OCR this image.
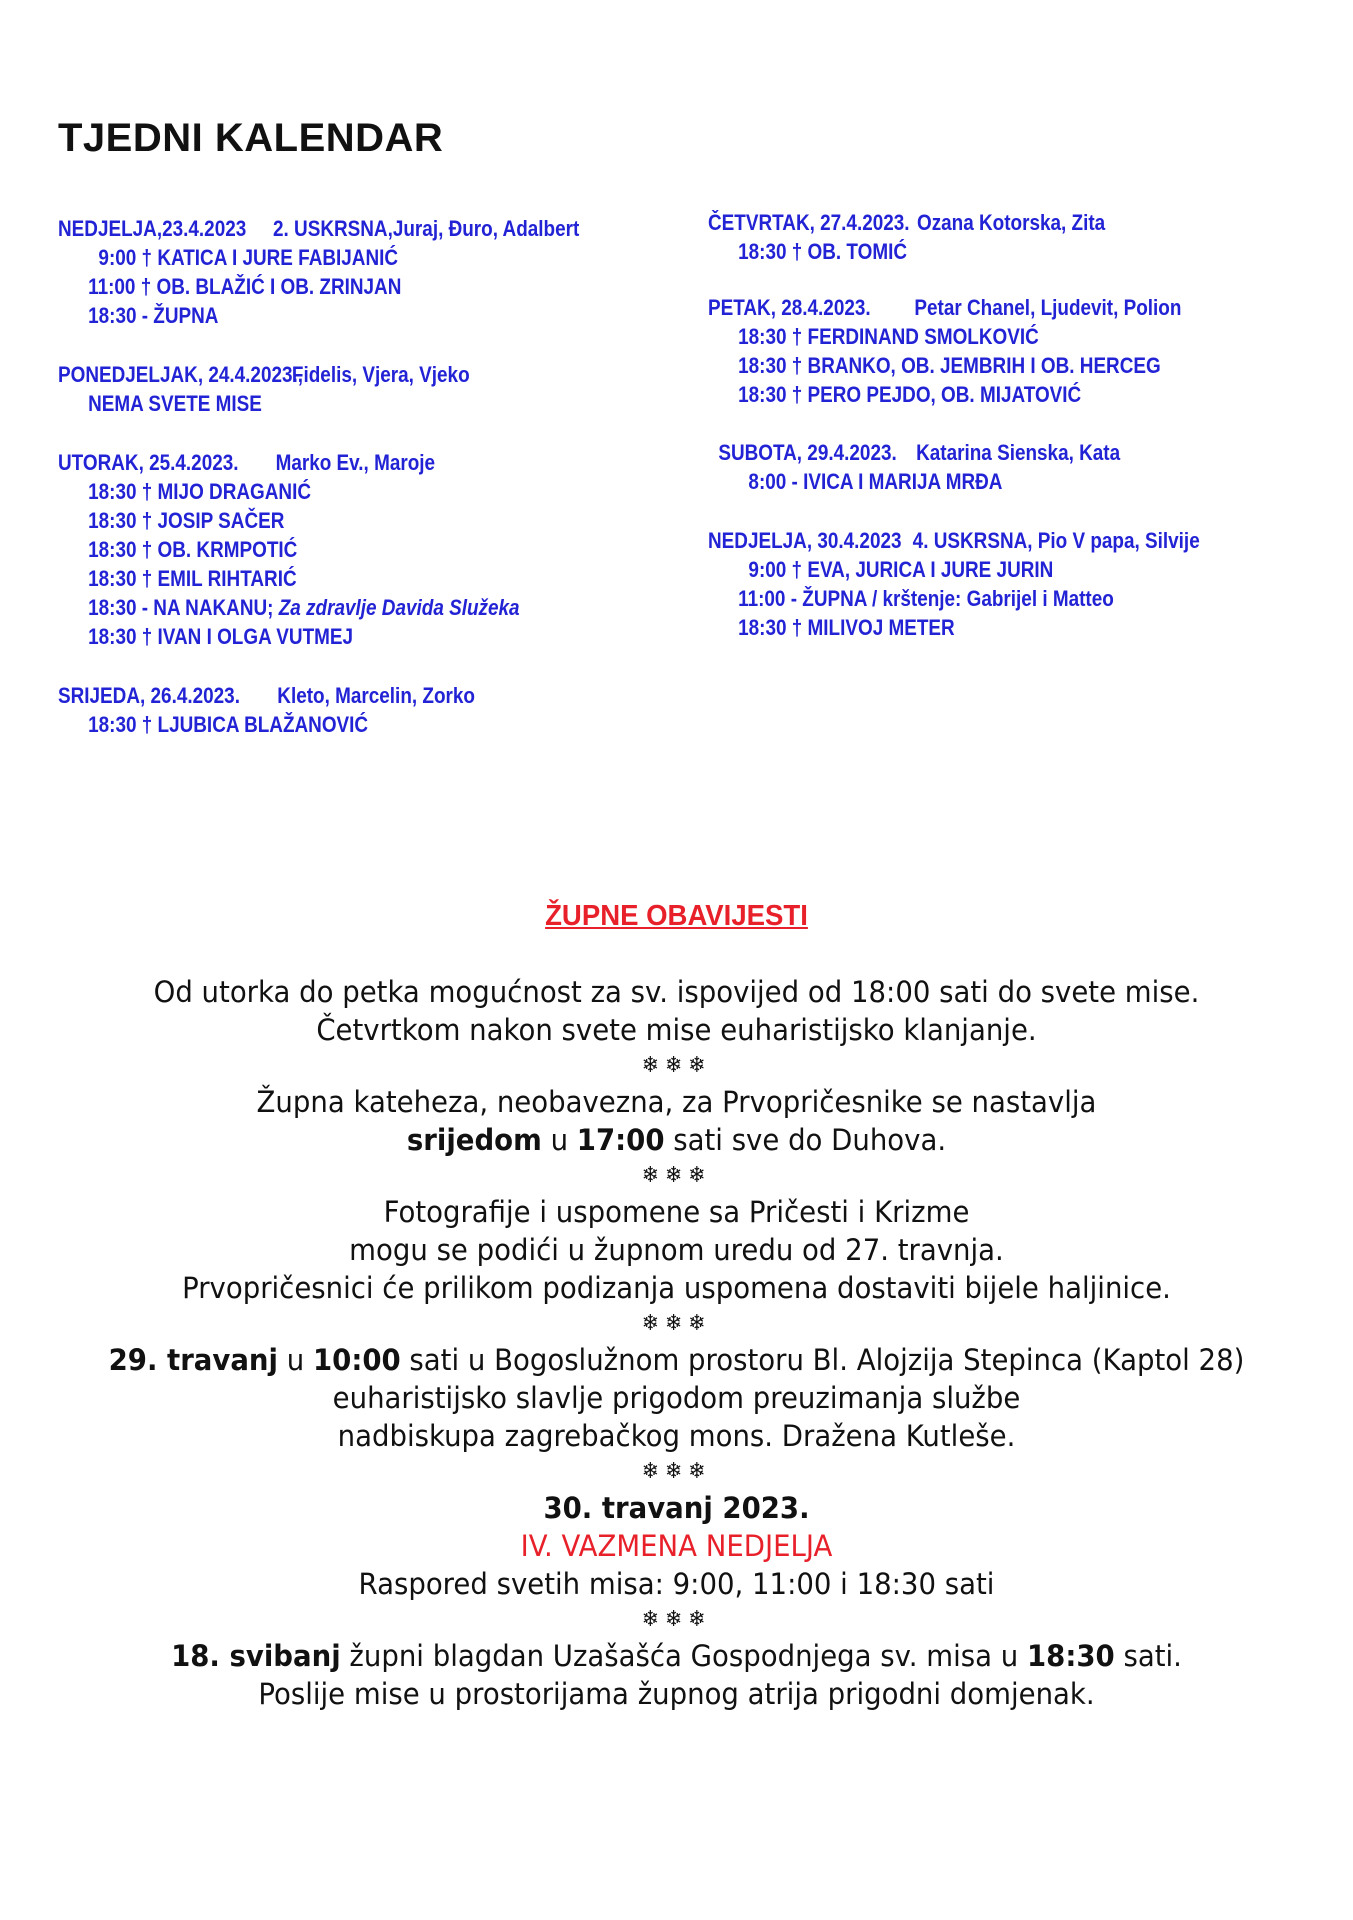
TJEDNI KALENDAR
NEDJELJA,23.4.2023 2. USKRSNA,Juraj, Đuro, Adalbert
9:00 † KATICA I JURE FABIJANIĆ
11:00 † OB. BLAŽIĆ I OB. ZRINJAN
18:30 - ŽUPNA
PONEDJELJAK, 24.4.2023.,
Fidelis, Vjera, Vjeko
NEMA SVETE MISE
UTORAK, 25.4.2023. Marko Ev., Maroje
18:30 † MIJO DRAGANIĆ
18:30 † JOSIP SAČER
18:30 † OB. KRMPOTIĆ
18:30 † EMIL RIHTARIĆ
18:30 - NA NAKANU; Za zdravlje Davida Služeka
18:30 † IVAN I OLGA VUTMEJ
SRIJEDA, 26.4.2023. Kleto, Marcelin, Zorko
18:30 † LJUBICA BLAŽANOVIĆ
ČETVRTAK, 27.4.2023. Ozana Kotorska, Zita
18:30 † OB. TOMIĆ
PETAK, 28.4.2023. Petar Chanel, Ljudevit, Polion
18:30 † FERDINAND SMOLKOVIĆ
18:30 † BRANKO, OB. JEMBRIH I OB. HERCEG
18:30 † PERO PEJDO, OB. MIJATOVIĆ
SUBOTA, 29.4.2023. Katarina Sienska, Kata
8:00 - IVICA I MARIJA MRĐA
NEDJELJA, 30.4.2023 4. USKRSNA, Pio V papa, Silvije
9:00 † EVA, JURICA I JURE JURIN
11:00 - ŽUPNA / krštenje: Gabrijel i Matteo
18:30 † MILIVOJ METER
ŽUPNE OBAVIJESTI
Od utorka do petka mogućnost za sv. ispovijed od 18:00 sati do svete mise.
Četvrtkom nakon svete mise euharistijsko klanjanje.
❄❄❄
Župna kateheza, neobavezna, za Prvopričesnike se nastavlja
srijedom u 17:00 sati sve do Duhova.
❄❄❄
Fotografije i uspomene sa Pričesti i Krizme
mogu se podići u župnom uredu od 27. travnja.
Prvopričesnici će prilikom podizanja uspomena dostaviti bijele haljinice.
❄❄❄
29. travanj u 10:00 sati u Bogoslužnom prostoru Bl. Alojzija Stepinca (Kaptol 28)
euharistijsko slavlje prigodom preuzimanja službe
nadbiskupa zagrebačkog mons. Dražena Kutleše.
❄❄❄
30. travanj 2023.
IV. VAZMENA NEDJELJA
Raspored svetih misa: 9:00, 11:00 i 18:30 sati
❄❄❄
18. svibanj župni blagdan Uzašašća Gospodnjega sv. misa u 18:30 sati.
Poslije mise u prostorijama župnog atrija prigodni domjenak.
